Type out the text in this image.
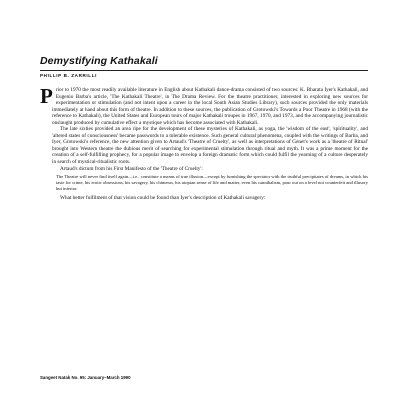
Demystifying Kathakali
PHILLIP B. ZARRILLI

P rior to 1970 the most readily available literature in English about Kathakali dance-drama consisted of two sources: K. Bharata Iyer's Kathakali, and Eugenio Barba's article, 'The Kathakali Theatre', in The Drama Review. For the theatre practitioner, interested in exploring new sources for experimentation or stimulation (and not intent upon a career in the local South Asian Studies Library), such sources provided the only materials immediately at hand about this form of theatre. In addition to these sources, the publication of Grotowski's Towards a Poor Theatre in 1968 (with the reference to Kathakali), the United States and European tours of major Kathakali troupes in 1967, 1970, and 1973, and the accompanying journalistic onslaught produced by cumulative effect a mystique which has become associated with Kathakali.

The late sixties provided an area ripe for the development of these mysteries of Kathakali, as yoga, the 'wisdom of the east', 'spirituality', and 'altered states of consciousness' became passwords to a tolerable existence. Such general cultural phenomena, coupled with the writings of Barba, and Iyer, Grotowski's reference, the new attention given to Artaud's 'Theatre of Cruelty', as well as interpretations of Genet's work as a 'theatre of Ritual' brought into Western theatre the dubious merit of searching for experimental stimulation through ritual and myth. It was a prime moment for the creation of a self-fulfilling prophecy, for a popular image to envelop a foreign dramatic form which could fulfil the yearning of a culture desperately in search of mystical-ritualistic roots.

Artaud's dictum from his First Manifesto of the 'Theatre of Cruelty':

The Theatre will never find itself again—i.e., constitute a means of true illusion—except by furnishing the spectator with the truthful precipitates of dreams, in which his taste for crime, his erotic obsessions, his savagery, his chimeras, his utopian sense of life and matter, even his cannibalism, pour out on a level not counterfeit and illusory but interior.

What better fulfilment of that vision could be found than Iyer's description of Kathakali savagery:

Sangeet Natak No. 95: January–March 1990
